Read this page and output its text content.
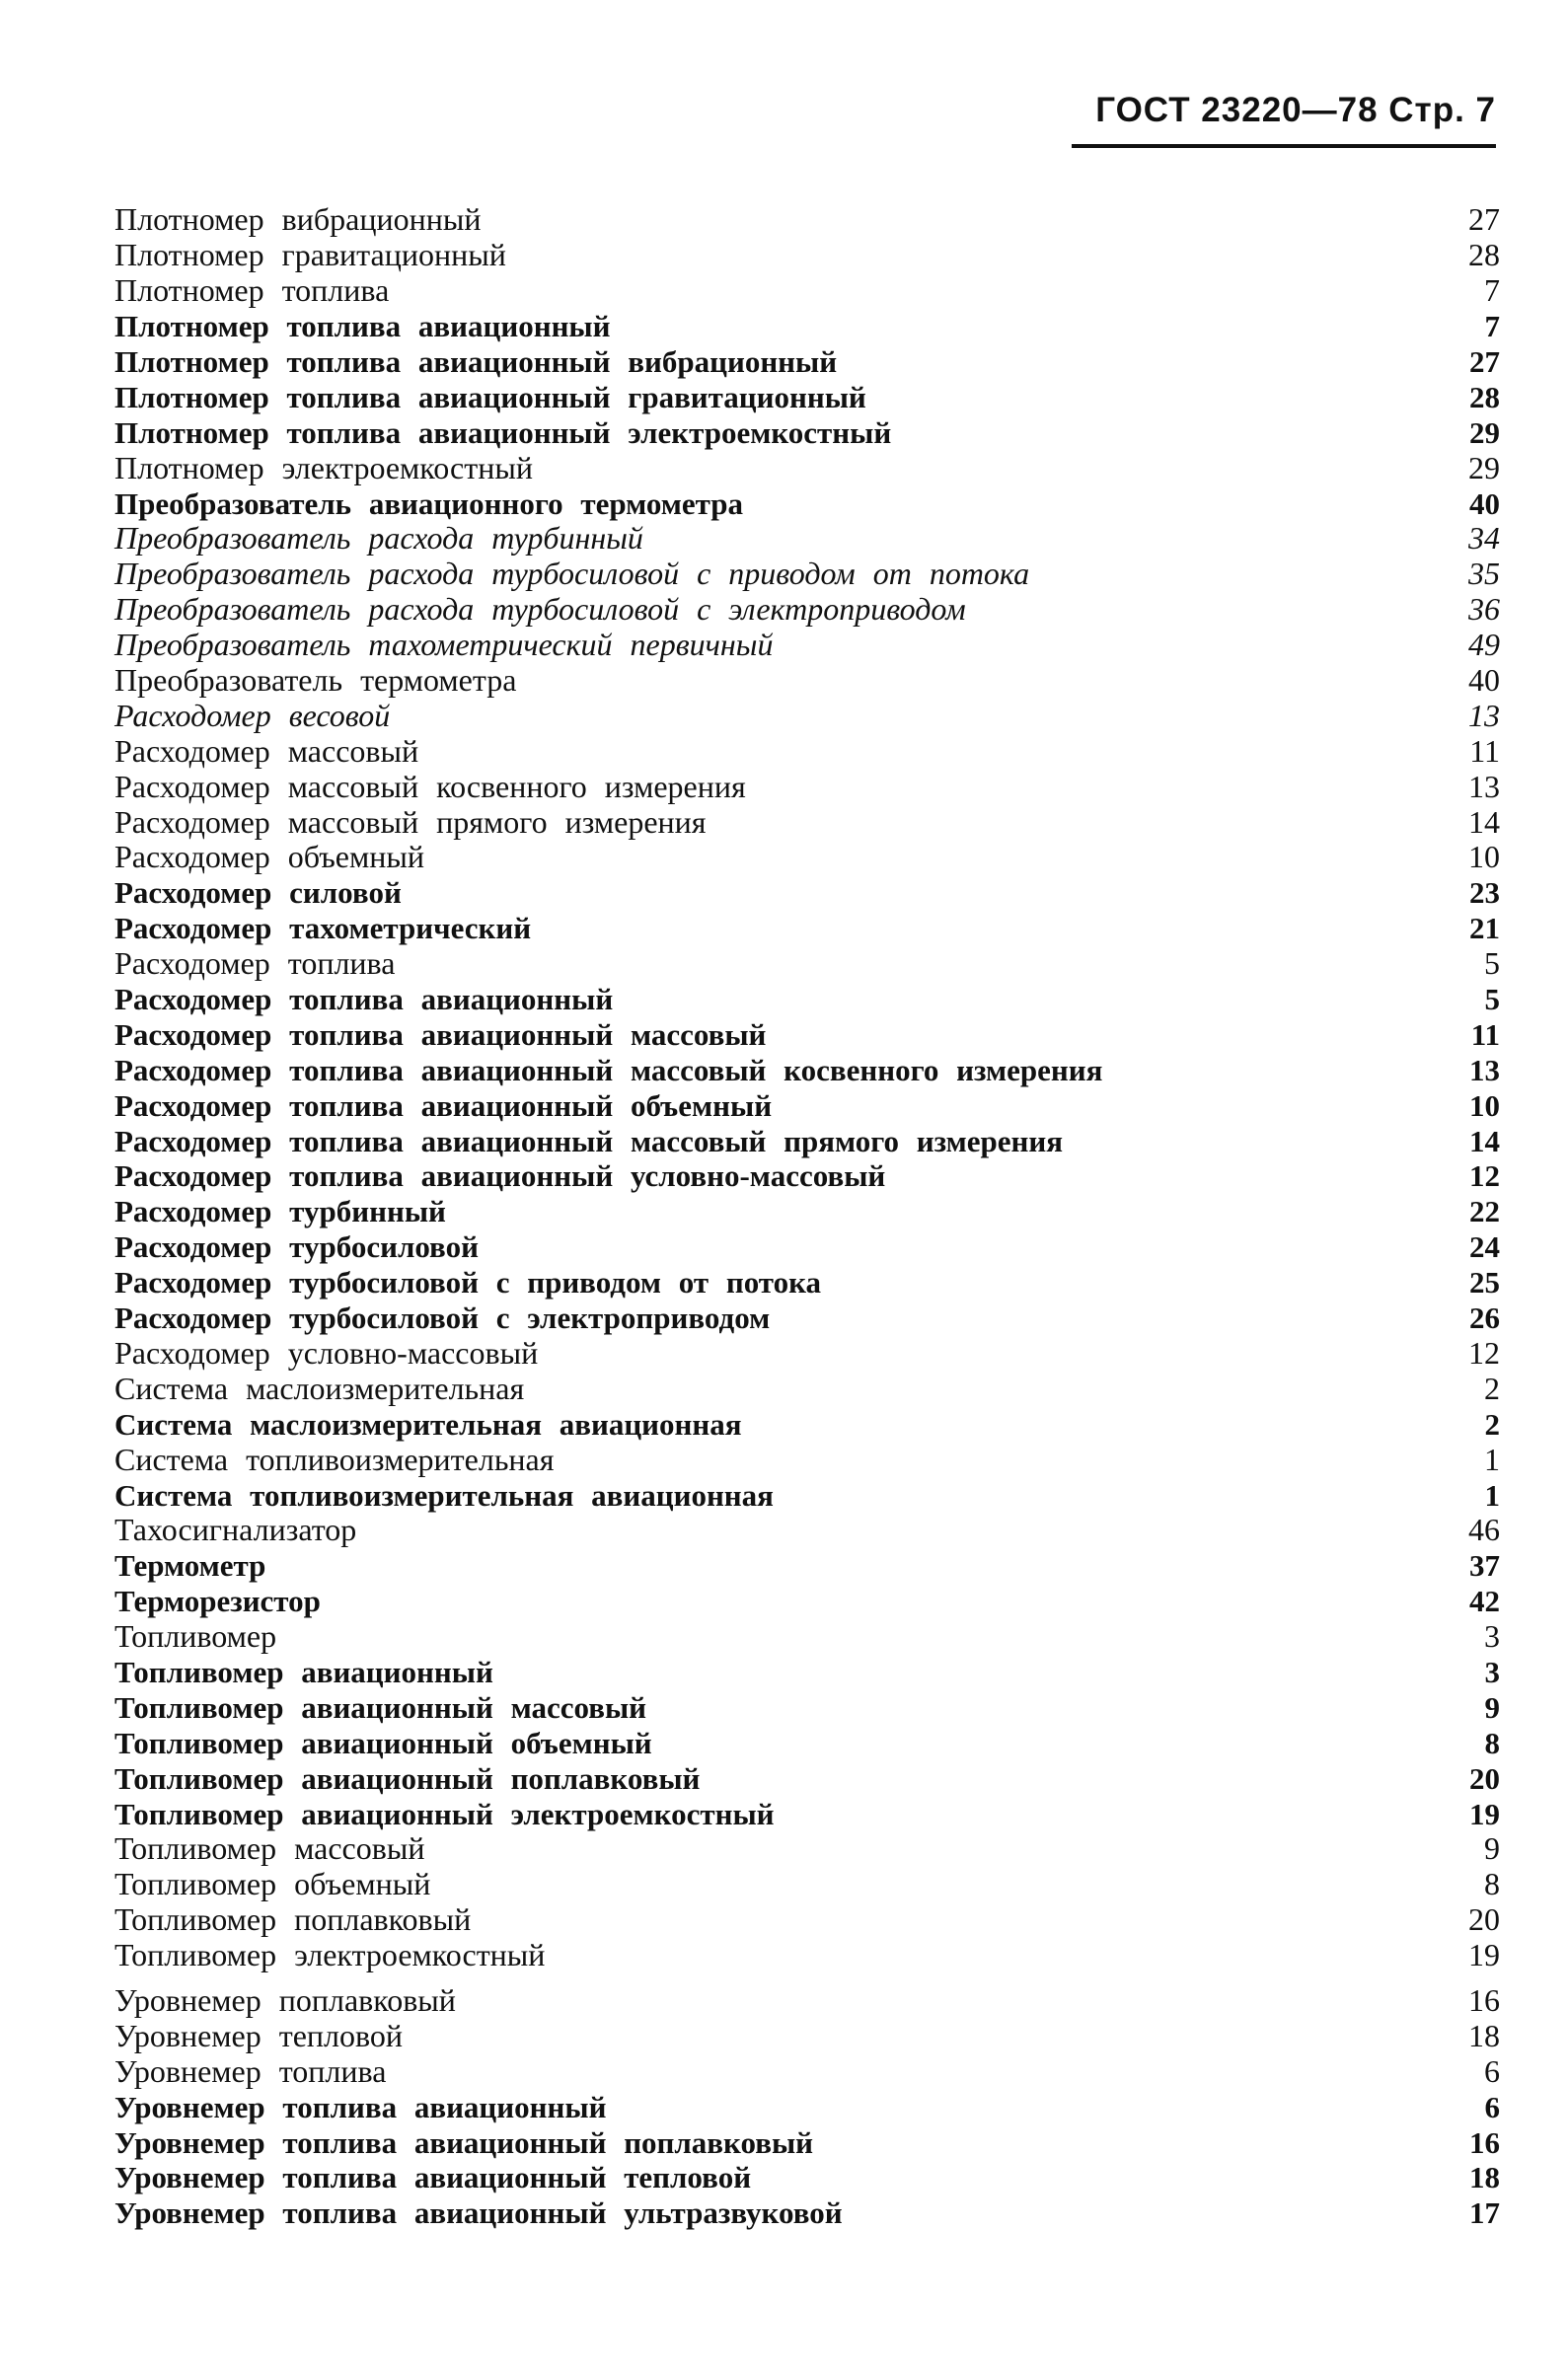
ГОСТ 23220—78 Стр. 7
Плотномер вибрационный	27
Плотномер гравитационный	28
Плотномер топлива	7
Плотномер топлива авиационный	7
Плотномер топлива авиационный вибрационный	27
Плотномер топлива авиационный гравитационный	28
Плотномер топлива авиационный электроемкостный	29
Плотномер электроемкостный	29
Преобразователь авиационного термометра	40
Преобразователь расхода турбинный	34
Преобразователь расхода турбосиловой с приводом от потока	35
Преобразователь расхода турбосиловой с электроприводом	36
Преобразователь тахометрический первичный	49
Преобразователь термометра	40
Расходомер весовой	13
Расходомер массовый	11
Расходомер массовый косвенного измерения	13
Расходомер массовый прямого измерения	14
Расходомер объемный	10
Расходомер силовой	23
Расходомер тахометрический	21
Расходомер топлива	5
Расходомер топлива авиационный	5
Расходомер топлива авиационный массовый	11
Расходомер топлива авиационный массовый косвенного измерения	13
Расходомер топлива авиационный объемный	10
Расходомер топлива авиационный массовый прямого измерения	14
Расходомер топлива авиационный условно-массовый	12
Расходомер турбинный	22
Расходомер турбосиловой	24
Расходомер турбосиловой с приводом от потока	25
Расходомер турбосиловой с электроприводом	26
Расходомер условно-массовый	12
Система маслоизмерительная	2
Система маслоизмерительная авиационная	2
Система топливоизмерительная	1
Система топливоизмерительная авиационная	1
Тахосигнализатор	46
Термометр	37
Терморезистор	42
Топливомер	3
Топливомер авиационный	3
Топливомер авиационный массовый	9
Топливомер авиационный объемный	8
Топливомер авиационный поплавковый	20
Топливомер авиационный электроемкостный	19
Топливомер массовый	9
Топливомер объемный	8
Топливомер поплавковый	20
Топливомер электроемкостный	19
Уровнемер поплавковый	16
Уровнемер тепловой	18
Уровнемер топлива	6
Уровнемер топлива авиационный	6
Уровнемер топлива авиационный поплавковый	16
Уровнемер топлива авиационный тепловой	18
Уровнемер топлива авиационный ультразвуковой	17
